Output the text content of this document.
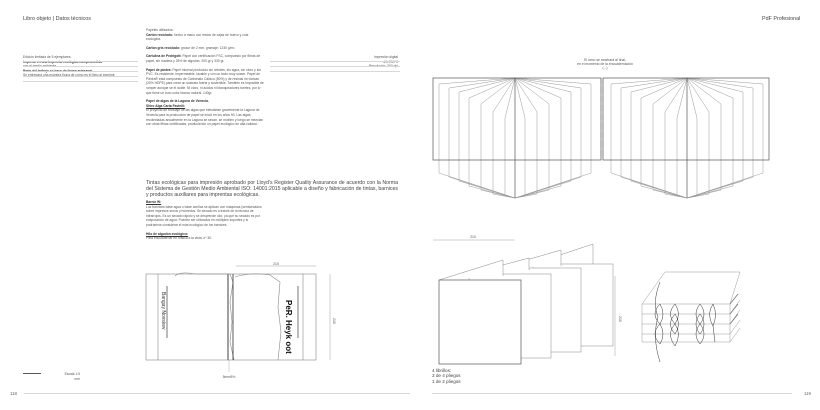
Libro objeto | Datos técnicos
Edición limitada de 5 ejemplares.
Papeles utilizados:
Cartón reciclado: hecho a mano con restos de cajas de huevo y cola ecológica.
Cartón gris reciclado: grosor de 2 mm, gramaje: 1230 g/m².
Cartulina de Pedrigott: Papel con certificación FSC, compuesto por fibras de papel, sin madera y 25% de algodón. 200 gr y 330 gr.
Papel de piedra: Papel mineral producido sin árboles, sin agua, sin cloro y sin PVC. Es resistente, impermeable, lavable y con un tacto muy suave. Papel de Piedra® está compuesto de Carbonato Cálcico (80%) y de resinas no tóxicas (20% HDPE) para crear un sustrato fuerte y sostenible. También es imposible de romper aunque se el doble. Ni cloro, ni ácidos ni blanqueadores fuertes, por lo que tiene un tono color blanco natural. 140gr.
Papel de algas de la Laguna de Venecia.
Shiro Alga Carta Favinili:
El proyecto de reciclaje de las algas que infestaban gravemente la Laguna de Venecia para la producción de papel se inició en los años 90. Las algas recolectadas anualmente en la Laguna se secan, se muelen y luego se mezclan con otras fibras certificadas, produciendo un papel ecológico de alta calidad.
Impresión digital
Tintas ecológicas para impresión aprobado por Lloyd's Register Quality Assurance de acuerdo con la Norma del Sistema de Gestión Medio Ambiental ISO: 14001:2015 aplicable a diseño y fabricación de tintas, barnices y productos auxiliares para imprentas ecológicas.
Barniz W:
Los barnices base agua o base acrílica se aplican con máquinas (semisecados sobre impresos secos y húmedos. Se secado es a través de la técnica de infrarrojos. Es un secado rápido y se desprende olor, ya que su secado es por evaporación de agua. Pueden ser utilizados en múltiples soportes y lo podríamos considerar el más ecológico de los barnices.
Hilo de algodón ecológico:
Para encuadernar en rústica a la vista, nº 30.
210
210
Bangay Novskev	PeR. Heyk oot
5mm/6%
Escala 1:5
mm
118
PdF Profesional
El lomo se mostrará al final,
en el momento de la encuadernación
(...)
210
210
4 librillos:
3 de 4 pliegos
1 de 2 pliegos
119
